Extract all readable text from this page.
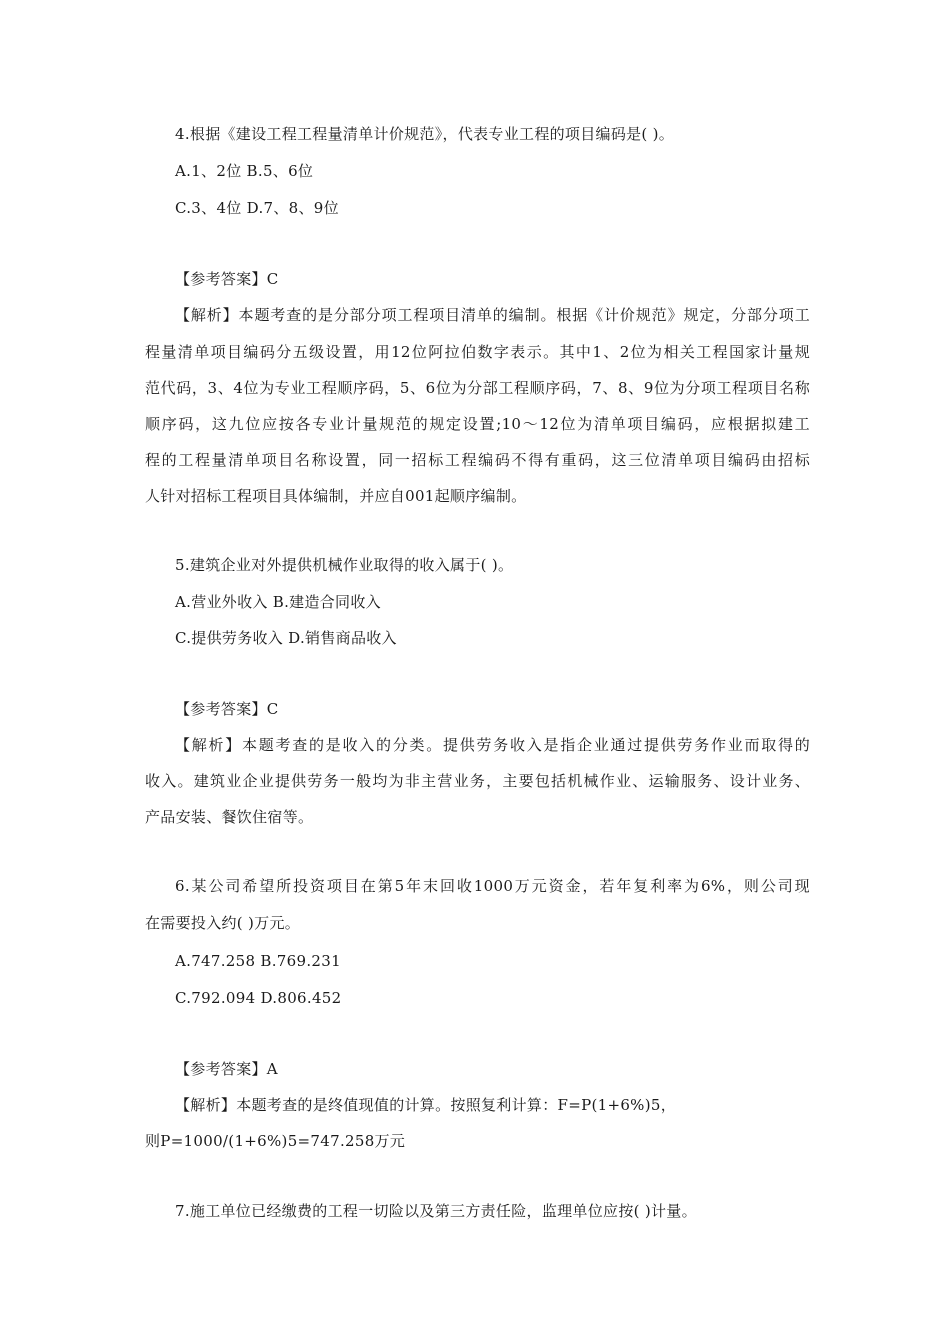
4.根据《建设工程工程量清单计价规范》，代表专业工程的项目编码是( )。
A.1、2位 B.5、6位
C.3、4位 D.7、8、9位
【参考答案】C
【解析】本题考查的是分部分项工程项目清单的编制。根据《计价规范》规定，分部分项工
程量清单项目编码分五级设置，用12位阿拉伯数字表示。其中1、2位为相关工程国家计量规
范代码，3、4位为专业工程顺序码，5、6位为分部工程顺序码，7、8、9位为分项工程项目名称
顺序码，这九位应按各专业计量规范的规定设置;10～12位为清单项目编码，应根据拟建工
程的工程量清单项目名称设置，同一招标工程编码不得有重码，这三位清单项目编码由招标
人针对招标工程项目具体编制，并应自001起顺序编制。
5.建筑企业对外提供机械作业取得的收入属于( )。
A.营业外收入 B.建造合同收入
C.提供劳务收入 D.销售商品收入
【参考答案】C
【解析】本题考查的是收入的分类。提供劳务收入是指企业通过提供劳务作业而取得的
收入。建筑业企业提供劳务一般均为非主营业务，主要包括机械作业、运输服务、设计业务、
产品安装、餐饮住宿等。
6.某公司希望所投资项目在第5年末回收1000万元资金，若年复利率为6%，则公司现
在需要投入约( )万元。
A.747.258 B.769.231
C.792.094 D.806.452
【参考答案】A
【解析】本题考查的是终值现值的计算。按照复利计算：F=P(1+6%)5，
则P=1000/(1+6%)5=747.258万元
7.施工单位已经缴费的工程一切险以及第三方责任险，监理单位应按( )计量。
